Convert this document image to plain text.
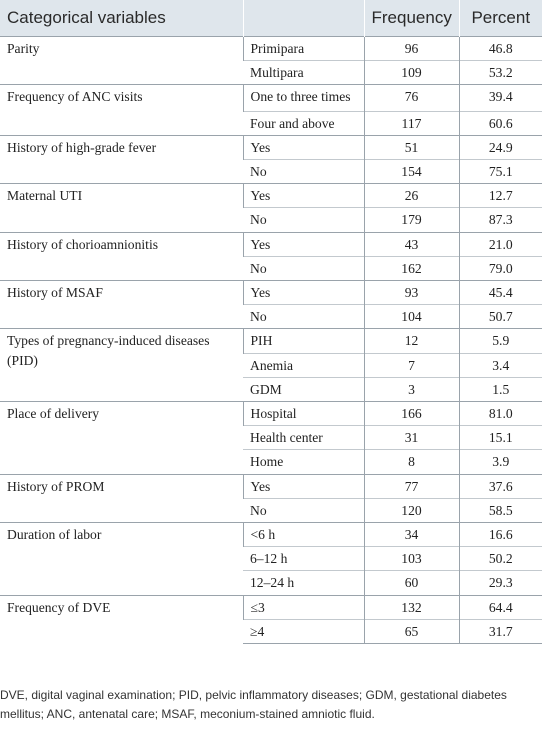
Categorical variables		Frequency	Percent
Parity	Primipara	96	46.8
	Multipara	109	53.2
Frequency of ANC visits	One to three times	76	39.4
	Four and above	117	60.6
History of high-grade fever	Yes	51	24.9
	No	154	75.1
Maternal UTI	Yes	26	12.7
	No	179	87.3
History of chorioamnionitis	Yes	43	21.0
	No	162	79.0
History of MSAF	Yes	93	45.4
	No	104	50.7
Types of pregnancy-induced diseases (PID)	PIH	12	5.9
	Anemia	7	3.4
	GDM	3	1.5
Place of delivery	Hospital	166	81.0
	Health center	31	15.1
	Home	8	3.9
History of PROM	Yes	77	37.6
	No	120	58.5
Duration of labor	<6 h	34	16.6
	6–12 h	103	50.2
	12–24 h	60	29.3
Frequency of DVE	≤3	132	64.4
	≥4	65	31.7
DVE, digital vaginal examination; PID, pelvic inflammatory diseases; GDM, gestational diabetes mellitus; ANC, antenatal care; MSAF, meconium-stained amniotic fluid.
